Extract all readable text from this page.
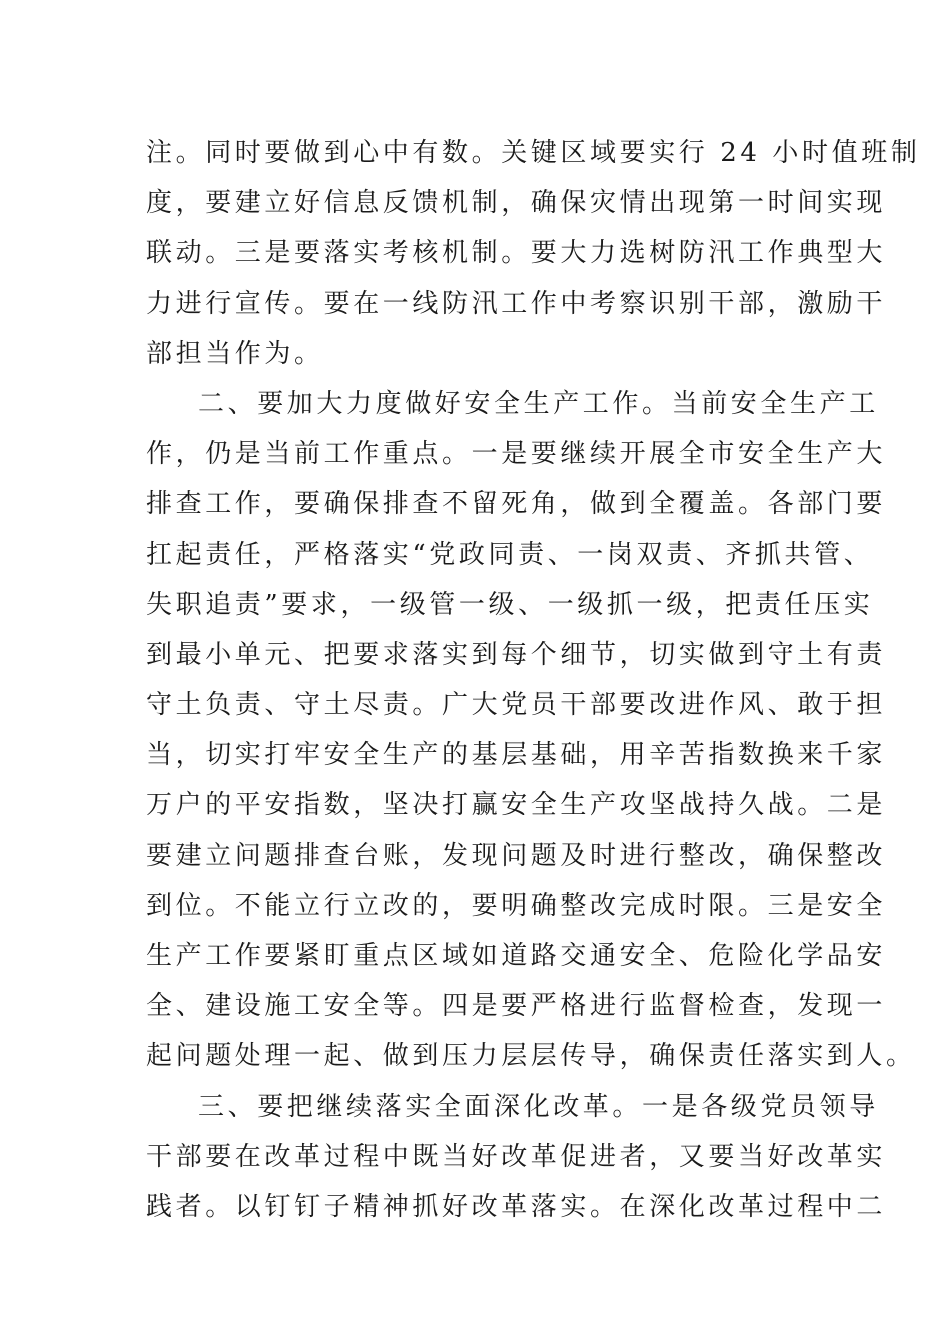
注。同时要做到心中有数。关键区域要实行 24 小时值班制
度，要建立好信息反馈机制，确保灾情出现第一时间实现
联动。三是要落实考核机制。要大力选树防汛工作典型大
力进行宣传。要在一线防汛工作中考察识别干部，激励干
部担当作为。
二、要加大力度做好安全生产工作。当前安全生产工
作，仍是当前工作重点。一是要继续开展全市安全生产大
排查工作，要确保排查不留死角，做到全覆盖。各部门要
扛起责任，严格落实“党政同责、一岗双责、齐抓共管、
失职追责”要求，一级管一级、一级抓一级，把责任压实
到最小单元、把要求落实到每个细节，切实做到守土有责
守土负责、守土尽责。广大党员干部要改进作风、敢于担
当，切实打牢安全生产的基层基础，用辛苦指数换来千家
万户的平安指数，坚决打赢安全生产攻坚战持久战。二是
要建立问题排查台账，发现问题及时进行整改，确保整改
到位。不能立行立改的，要明确整改完成时限。三是安全
生产工作要紧盯重点区域如道路交通安全、危险化学品安
全、建设施工安全等。四是要严格进行监督检查，发现一
起问题处理一起、做到压力层层传导，确保责任落实到人。
三、要把继续落实全面深化改革。一是各级党员领导
干部要在改革过程中既当好改革促进者，又要当好改革实
践者。以钉钉子精神抓好改革落实。在深化改革过程中二
